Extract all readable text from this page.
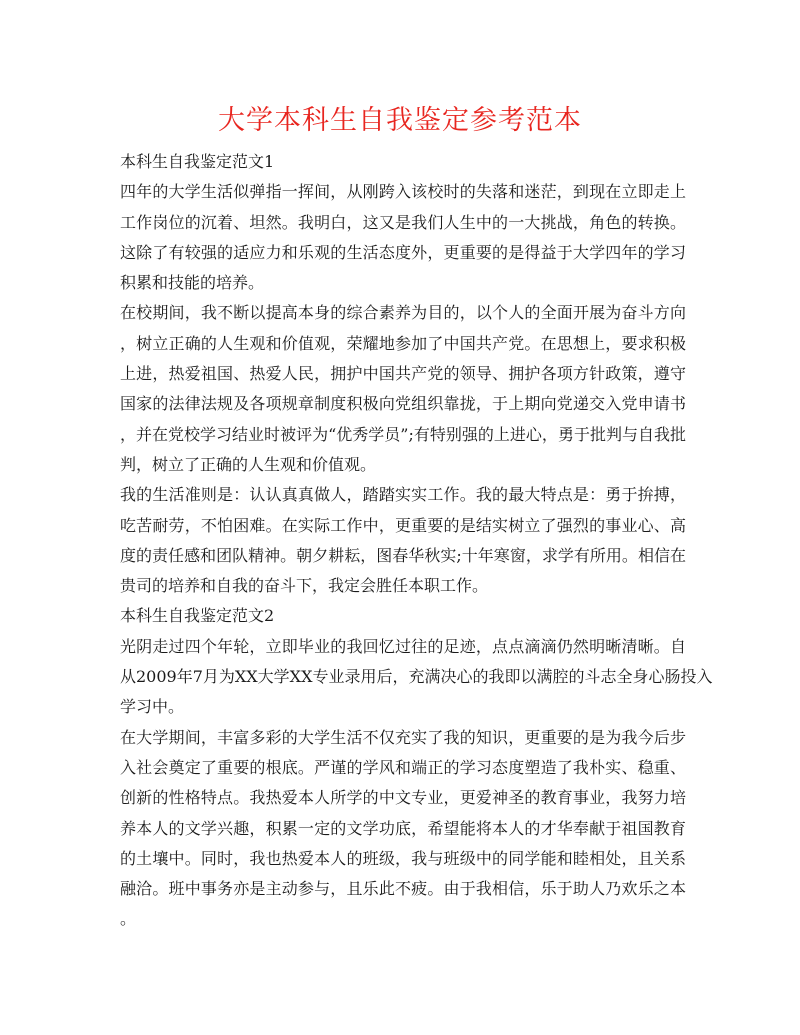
大学本科生自我鉴定参考范本
本科生自我鉴定范文1
四年的大学生活似弹指一挥间，从刚跨入该校时的失落和迷茫，到现在立即走上
工作岗位的沉着、坦然。我明白，这又是我们人生中的一大挑战，角色的转换。
这除了有较强的适应力和乐观的生活态度外，更重要的是得益于大学四年的学习
积累和技能的培养。
在校期间，我不断以提高本身的综合素养为目的，以个人的全面开展为奋斗方向
，树立正确的人生观和价值观，荣耀地参加了中国共产党。在思想上，要求积极
上进，热爱祖国、热爱人民，拥护中国共产党的领导、拥护各项方针政策，遵守
国家的法律法规及各项规章制度积极向党组织靠拢，于上期向党递交入党申请书
，并在党校学习结业时被评为“优秀学员”;有特别强的上进心，勇于批判与自我批
判，树立了正确的人生观和价值观。
我的生活准则是：认认真真做人，踏踏实实工作。我的最大特点是：勇于拚搏，
吃苦耐劳，不怕困难。在实际工作中，更重要的是结实树立了强烈的事业心、高
度的责任感和团队精神。朝夕耕耘，图春华秋实;十年寒窗，求学有所用。相信在
贵司的培养和自我的奋斗下，我定会胜任本职工作。
本科生自我鉴定范文2
光阴走过四个年轮，立即毕业的我回忆过往的足迹，点点滴滴仍然明晰清晰。自
从2009年7月为XX大学XX专业录用后，充满决心的我即以满腔的斗志全身心肠投入
学习中。
在大学期间，丰富多彩的大学生活不仅充实了我的知识，更重要的是为我今后步
入社会奠定了重要的根底。严谨的学风和端正的学习态度塑造了我朴实、稳重、
创新的性格特点。我热爱本人所学的中文专业，更爱神圣的教育事业，我努力培
养本人的文学兴趣，积累一定的文学功底，希望能将本人的才华奉献于祖国教育
的土壤中。同时，我也热爱本人的班级，我与班级中的同学能和睦相处，且关系
融洽。班中事务亦是主动参与，且乐此不疲。由于我相信，乐于助人乃欢乐之本
。
